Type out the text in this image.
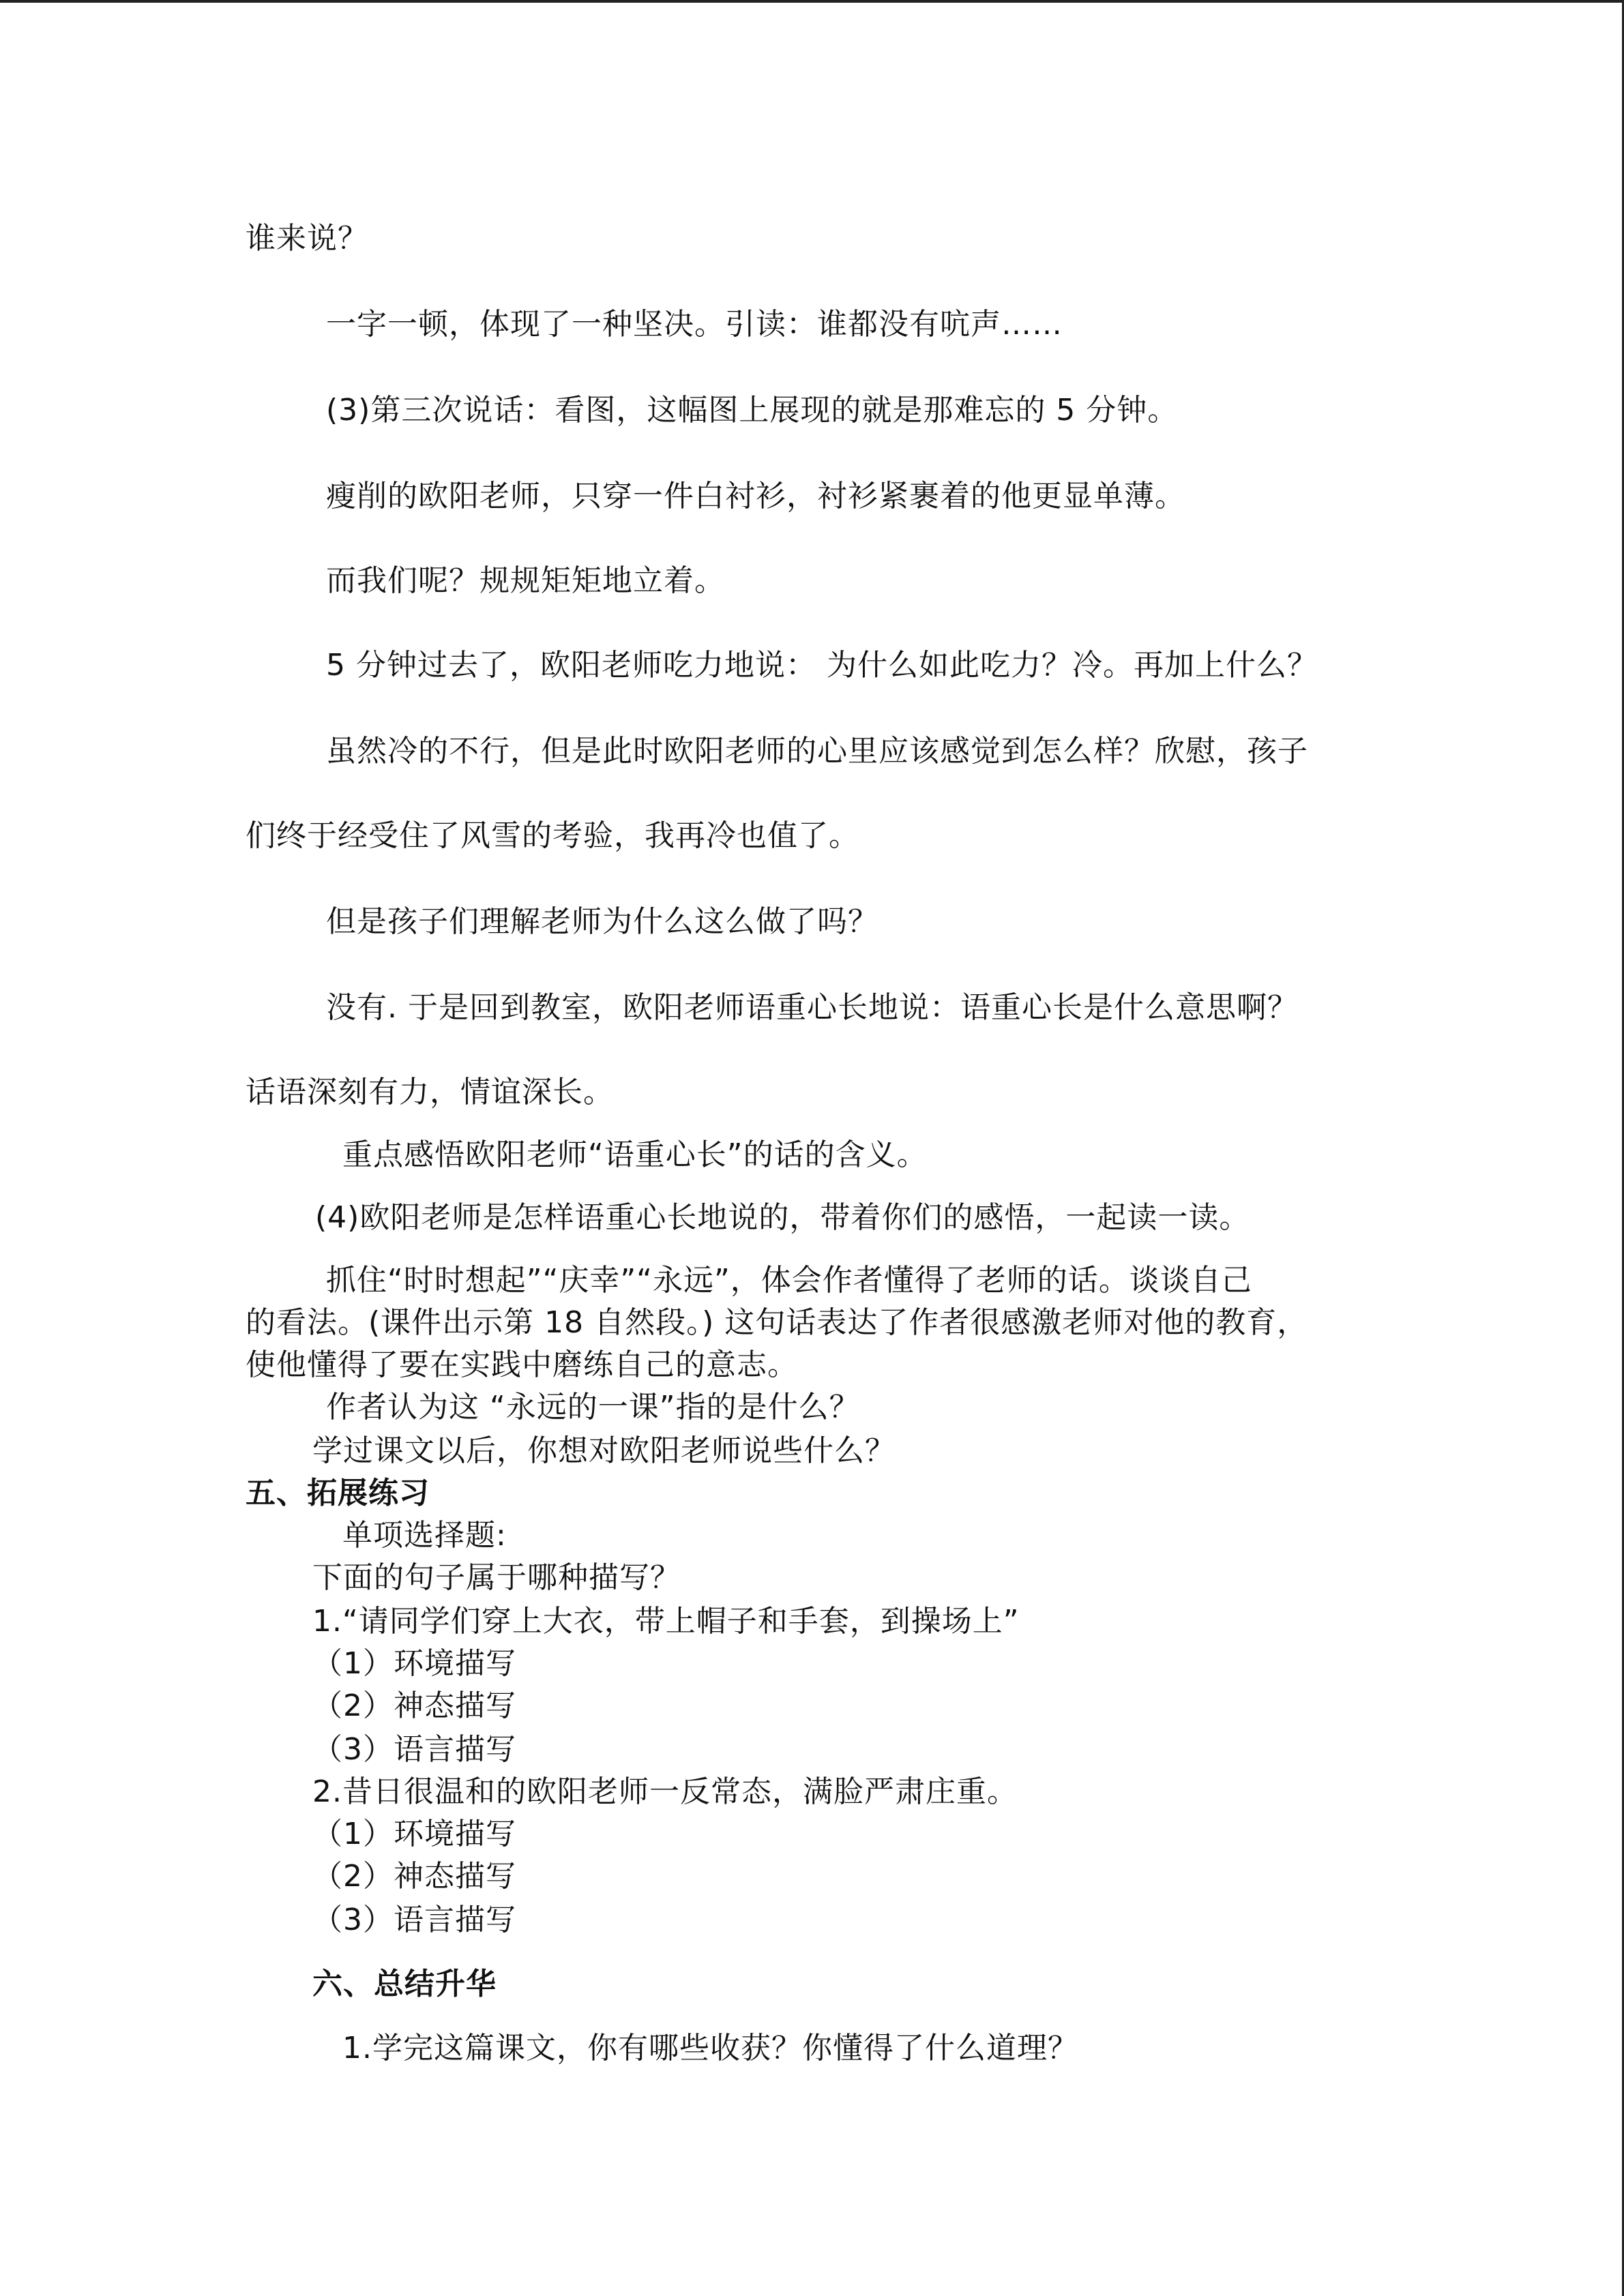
谁来说？
一字一顿，体现了一种坚决。引读：谁都没有吭声……
(3)第三次说话：看图，这幅图上展现的就是那难忘的 5 分钟。
瘦削的欧阳老师，只穿一件白衬衫，衬衫紧裹着的他更显单薄。
而我们呢？规规矩矩地立着。
5 分钟过去了，欧阳老师吃力地说： 为什么如此吃力？冷。再加上什么？
虽然冷的不行，但是此时欧阳老师的心里应该感觉到怎么样？欣慰，孩子
们终于经受住了风雪的考验，我再冷也值了。
但是孩子们理解老师为什么这么做了吗？
没有. 于是回到教室，欧阳老师语重心长地说：语重心长是什么意思啊？
话语深刻有力，情谊深长。
重点感悟欧阳老师“语重心长”的话的含义。
(4)欧阳老师是怎样语重心长地说的，带着你们的感悟，一起读一读。
抓住“时时想起”“庆幸”“永远”，体会作者懂得了老师的话。谈谈自己
的看法。(课件出示第 18 自然段。) 这句话表达了作者很感激老师对他的教育，
使他懂得了要在实践中磨练自己的意志。
作者认为这 “永远的一课”指的是什么？
学过课文以后，你想对欧阳老师说些什么？
五、拓展练习
单项选择题:
下面的句子属于哪种描写？
1.“请同学们穿上大衣，带上帽子和手套，到操场上”
（1）环境描写
（2）神态描写
（3）语言描写
2.昔日很温和的欧阳老师一反常态，满脸严肃庄重。
（1）环境描写
（2）神态描写
（3）语言描写
六、总结升华
1.学完这篇课文，你有哪些收获？你懂得了什么道理？
